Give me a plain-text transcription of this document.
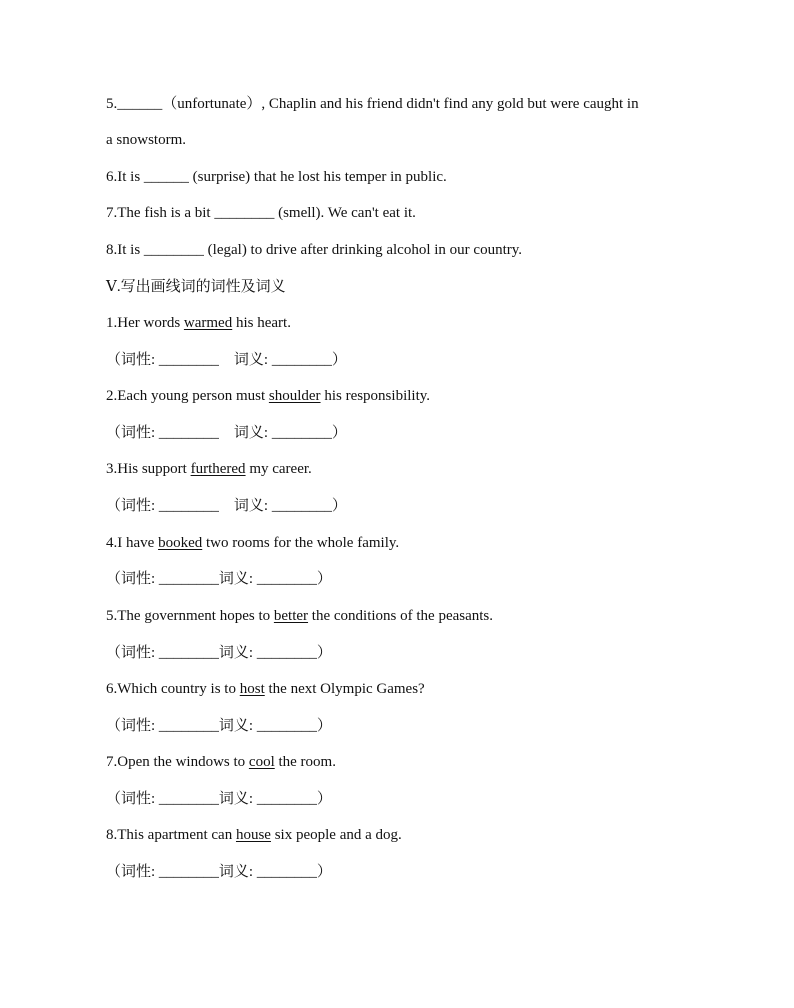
5.______（unfortunate）, Chaplin and his friend didn't find any gold but were caught in
a snowstorm.
6.It is ______ (surprise) that he lost his temper in public.
7.The fish is a bit ________ (smell). We can't eat it.
8.It is ________ (legal) to drive after drinking alcohol in our country.
Ⅴ.写出画线词的词性及词义
1.Her words warmed his heart.
（词性: ________　词义: ________）
2.Each young person must shoulder his responsibility.
（词性: ________　词义: ________）
3.His support furthered my career.
（词性: ________　词义: ________）
4.I have booked two rooms for the whole family.
（词性: ________词义: ________）
5.The government hopes to better the conditions of the peasants.
（词性: ________词义: ________）
6.Which country is to host the next Olympic Games?
（词性: ________词义: ________）
7.Open the windows to cool the room.
（词性: ________词义: ________）
8.This apartment can house six people and a dog.
（词性: ________词义: ________）
